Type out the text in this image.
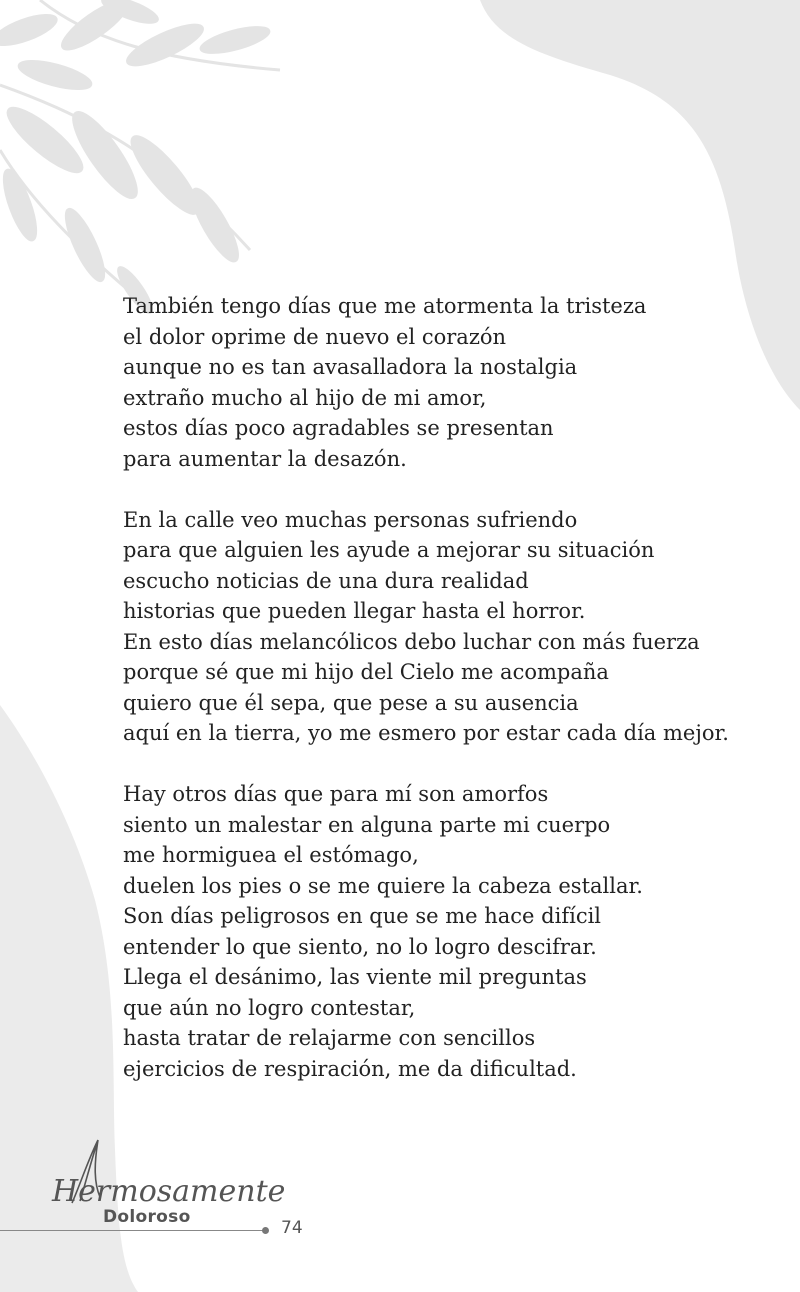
También tengo días que me atormenta la tristeza
el dolor oprime de nuevo el corazón
aunque no es tan avasalladora la nostalgia
extraño mucho al hijo de mi amor,
estos días poco agradables se presentan
para aumentar la desazón.
En la calle veo muchas personas sufriendo
para que alguien les ayude a mejorar su situación
escucho noticias de una dura realidad
historias que pueden llegar hasta el horror.
En esto días melancólicos debo luchar con más fuerza
porque sé que mi hijo del Cielo me acompaña
quiero que él sepa, que pese a su ausencia
aquí en la tierra, yo me esmero por estar cada día mejor.
Hay otros días que para mí son amorfos
siento un malestar en alguna parte mi cuerpo
me hormiguea el estómago,
duelen los pies o se me quiere la cabeza estallar.
Son días peligrosos en que se me hace difícil
entender lo que siento, no lo logro descifrar.
Llega el desánimo, las viente mil preguntas
que aún no logro contestar,
hasta tratar de relajarme con sencillos
ejercicios de respiración, me da dificultad.
Hermosamente
Doloroso
74
